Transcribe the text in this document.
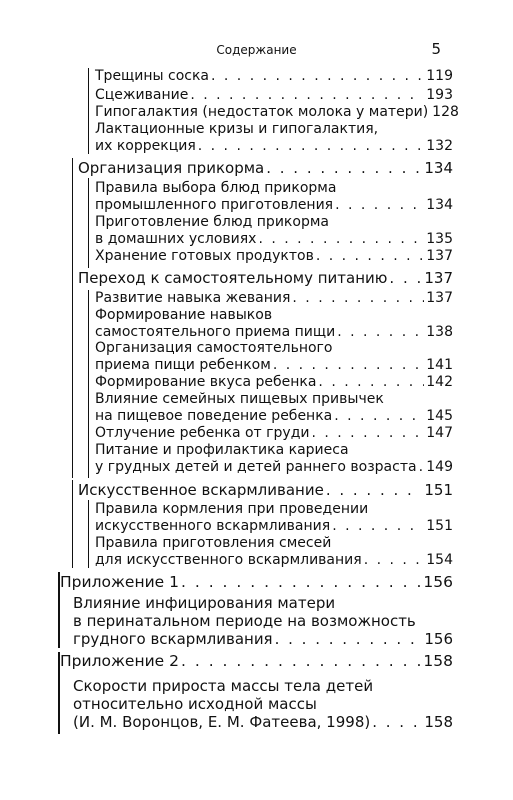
Содержание	5
Трещины соска . . .	119
Сцеживание . . .	193
Гипогалактия (недостаток молока у матери) 128
Лактационные кризы и гипогалактия,
их коррекция . . .	132
Организация прикорма . . .	134
Правила выбора блюд прикорма
промышленного приготовления . . .	134
Приготовление блюд прикорма
в домашних условиях . . .	135
Хранение готовых продуктов . . .	137
Переход к самостоятельному питанию . . . 137
Развитие навыка жевания . . .	137
Формирование навыков
самостоятельного приема пищи . . .	138
Организация самостоятельного
приема пищи ребенком . . .	141
Формирование вкуса ребенка . . .	142
Влияние семейных пищевых привычек
на пищевое поведение ребенка . . .	145
Отлучение ребенка от груди . . .	147
Питание и профилактика кариеса
у грудных детей и детей раннего возраста . . . 149
Искусственное вскармливание . . .	151
Правила кормления при проведении
искусственного вскармливания . . .	151
Правила приготовления смесей
для искусственного вскармливания . . .	154
Приложение 1 . . .	156
Влияние инфицирования матери
в перинатальном периоде на возможность
грудного вскармливания . . .	156
Приложение 2 . . .	158
Скорости прироста массы тела детей
относительно исходной массы
(И. М. Воронцов, Е. М. Фатеева, 1998) . . .	158
